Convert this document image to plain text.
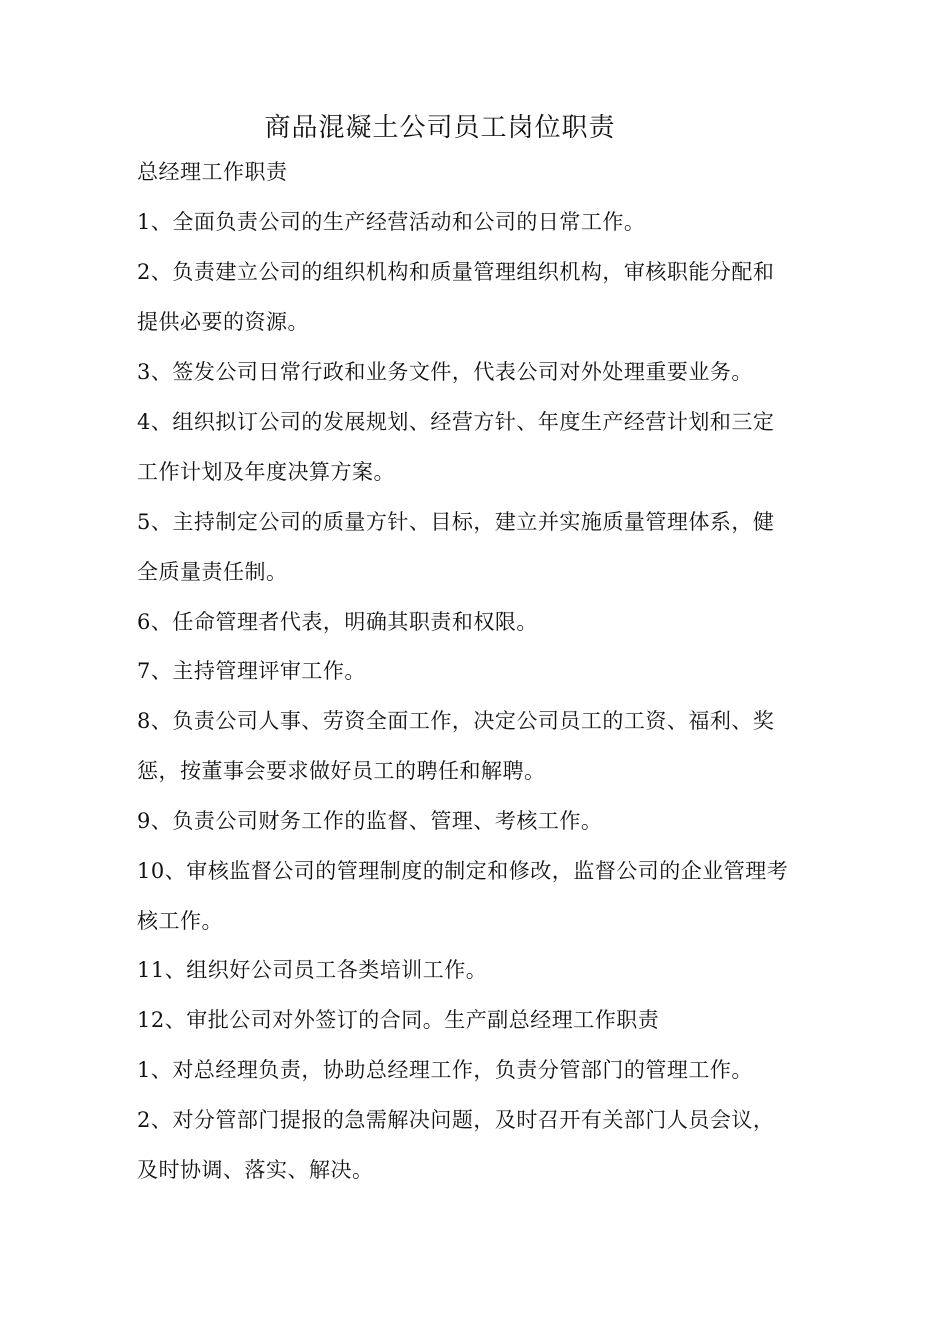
商品混凝土公司员工岗位职责
总经理工作职责
1、全面负责公司的生产经营活动和公司的日常工作。
2、负责建立公司的组织机构和质量管理组织机构，审核职能分配和
提供必要的资源。
3、签发公司日常行政和业务文件，代表公司对外处理重要业务。
4、组织拟订公司的发展规划、经营方针、年度生产经营计划和三定
工作计划及年度决算方案。
5、主持制定公司的质量方针、目标，建立并实施质量管理体系，健
全质量责任制。
6、任命管理者代表，明确其职责和权限。
7、主持管理评审工作。
8、负责公司人事、劳资全面工作，决定公司员工的工资、福利、奖
惩，按董事会要求做好员工的聘任和解聘。
9、负责公司财务工作的监督、管理、考核工作。
10、审核监督公司的管理制度的制定和修改，监督公司的企业管理考
核工作。
11、组织好公司员工各类培训工作。
12、审批公司对外签订的合同。生产副总经理工作职责
1、对总经理负责，协助总经理工作，负责分管部门的管理工作。
2、对分管部门提报的急需解决问题，及时召开有关部门人员会议，
及时协调、落实、解决。
